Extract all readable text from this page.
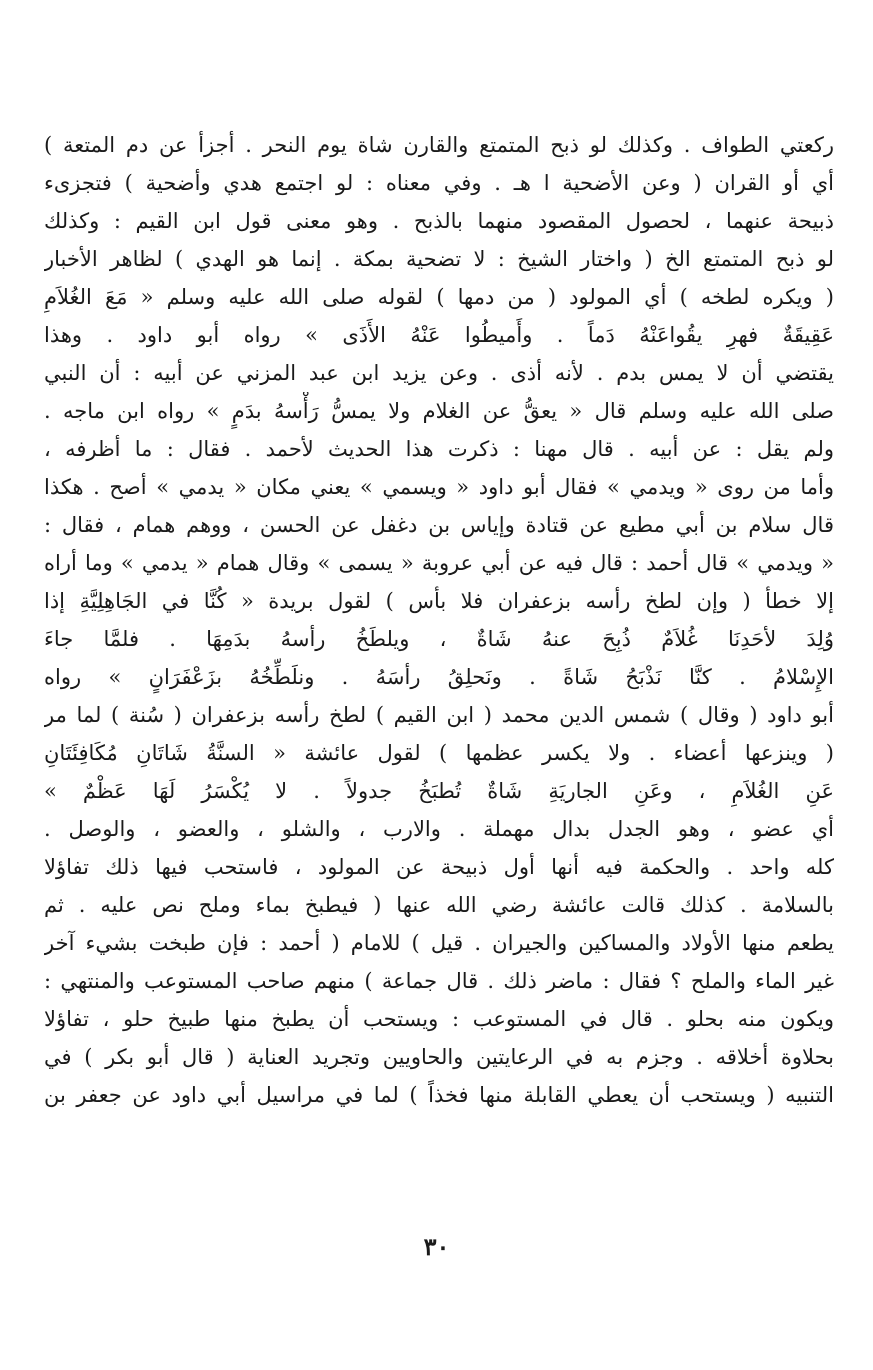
ركعتي الطواف . وكذلك لو ذبح المتمتع والقارن شاة يوم النحر . أجزأ عن دم المتعة )
أي أو القران ( وعن الأضحية ا هـ . وفي معناه : لو اجتمع هدي وأضحية ) فتجزىء
ذبيحة عنهما ، لحصول المقصود منهما بالذبح . وهو معنى قول ابن القيم : وكذلك
لو ذبح المتمتع الخ ( واختار الشيخ : لا تضحية بمكة . إنما هو الهدي ) لظاهر الأخبار
( ويكره لطخه ) أي المولود ( من دمها ) لقوله صلى الله عليه وسلم « مَعَ الغُلاَمِ
عَقِيقَةٌ فهرِ يقُواعَنْهُ دَماً . وأَميطُوا عَنْهُ الأَذَى » رواه أبو داود . وهذا
يقتضي أن لا يمس بدم . لأنه أذى . وعن يزيد ابن عبد المزني عن أبيه : أن النبي
صلى الله عليه وسلم قال « يعقُّ عن الغلام ولا يمسُّ رَأْسهُ بدَمٍ » رواه ابن ماجه .
ولم يقل : عن أبيه . قال مهنا : ذكرت هذا الحديث لأحمد . فقال : ما أظرفه ،
وأما من روى « ويدمي » فقال أبو داود « ويسمي » يعني مكان « يدمي » أصح . هكذا
قال سلام بن أبي مطيع عن قتادة وإياس بن دغفل عن الحسن ، ووهم همام ، فقال :
« ويدمي » قال أحمد : قال فيه عن أبي عروبة « يسمى » وقال همام « يدمي » وما أراه
إلا خطأ ( وإن لطخ رأسه بزعفران فلا بأس ) لقول بريدة « كُنَّا في الجَاهِلِيَّةِ إذا
وُلِدَ لأحَدِنَا غُلاَمٌ ذُبِحَ عنهُ شَاةٌ ، ويلطَخُ رأسهُ بدَمِهَا . فلمَّا جاءَ
الإِسْلامُ . كنَّا نَذْبَحُ شَاةً . ونَحلِقُ رأسَهُ . ونلَطِّخُهُ بزَعْفَرَانٍ » رواه
أبو داود ( وقال ) شمس الدين محمد ( ابن القيم ) لطخ رأسه بزعفران ( سُنة ) لما مر
( وينزعها أعضاء . ولا يكسر عظمها ) لقول عائشة « السنَّةُ شَاتَانِ مُكَافِئَتَانِ
عَنِ الغُلاَمِ ، وعَنِ الجاريَةِ شَاةٌ تُطبَخُ جدولاً . لا يُكْسَرُ لَهَا عَظْمٌ »
أي عضو ، وهو الجدل بدال مهملة . والارب ، والشلو ، والعضو ، والوصل .
كله واحد . والحكمة فيه أنها أول ذبيحة عن المولود ، فاستحب فيها ذلك تفاؤلا
بالسلامة . كذلك قالت عائشة رضي الله عنها ( فيطبخ بماء وملح نص عليه . ثم
يطعم منها الأولاد والمساكين والجيران . قيل ) للامام ( أحمد : فإن طبخت بشيء آخر
غير الماء والملح ؟ فقال : ماضر ذلك . قال جماعة ) منهم صاحب المستوعب والمنتهي :
ويكون منه بحلو . قال في المستوعب : ويستحب أن يطبخ منها طبيخ حلو ، تفاؤلا
بحلاوة أخلاقه . وجزم به في الرعايتين والحاويين وتجريد العناية ( قال أبو بكر ) في
التنبيه ( ويستحب أن يعطي القابلة منها فخذاً ) لما في مراسيل أبي داود عن جعفر بن
٣٠
